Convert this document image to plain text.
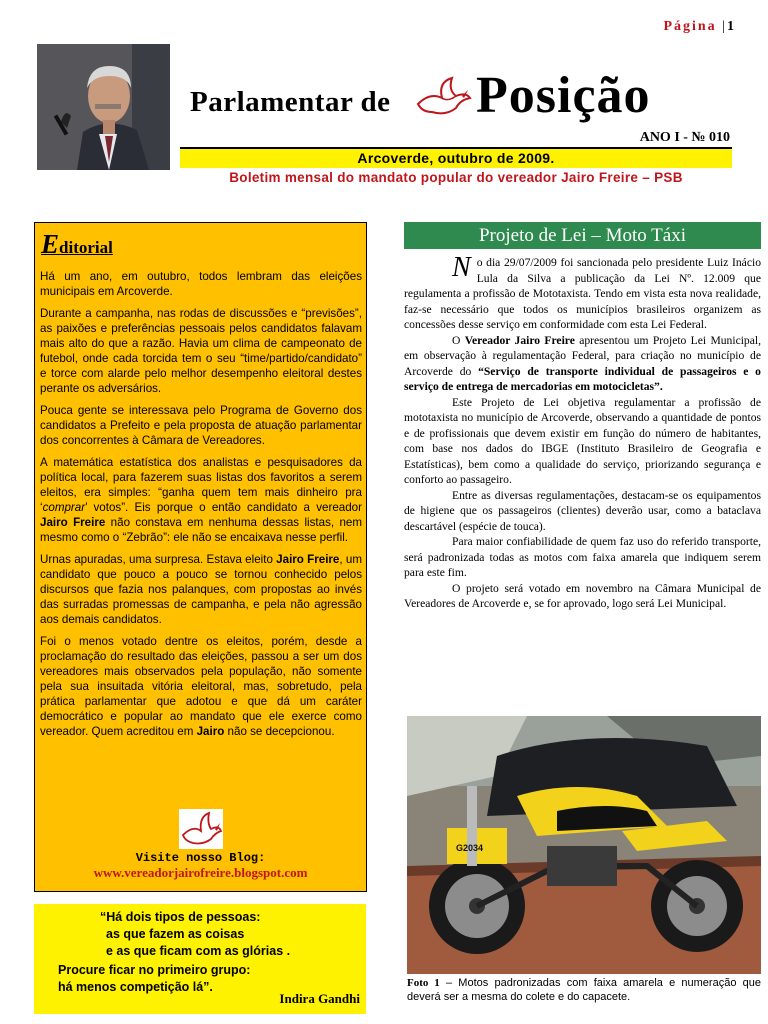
Página |1
Parlamentar de Posição
ANO I - № 010
Arcoverde, outubro de 2009.
Boletim mensal do mandato popular do vereador Jairo Freire – PSB
Editorial

Há um ano, em outubro, todos lembram das eleições municipais em Arcoverde.

Durante a campanha, nas rodas de discussões e “previsões”, as paixões e preferências pessoais pelos candidatos falavam mais alto do que a razão. Havia um clima de campeonato de futebol, onde cada torcida tem o seu “time/partido/candidato” e torce com alarde pelo melhor desempenho eleitoral destes perante os adversários.

Pouca gente se interessava pelo Programa de Governo dos candidatos a Prefeito e pela proposta de atuação parlamentar dos concorrentes à Câmara de Vereadores.

A matemática estatística dos analistas e pesquisadores da política local, para fazerem suas listas dos favoritos a serem eleitos, era simples: “ganha quem tem mais dinheiro pra ‘comprar’ votos”. Eis porque o então candidato a vereador Jairo Freire não constava em nenhuma dessas listas, nem mesmo como o “Zebrão”: ele não se encaixava nesse perfil.

Urnas apuradas, uma surpresa. Estava eleito Jairo Freire, um candidato que pouco a pouco se tornou conhecido pelos discursos que fazia nos palanques, com propostas ao invés das surradas promessas de campanha, e pela não agressão aos demais candidatos.

Foi o menos votado dentre os eleitos, porém, desde a proclamação do resultado das eleições, passou a ser um dos vereadores mais observados pela população, não somente pela sua insuitada vitória eleitoral, mas, sobretudo, pela prática parlamentar que adotou e que dá um caráter democrático e popular ao mandato que ele exerce como vereador. Quem acreditou em Jairo não se decepcionou.

Visite nosso Blog:
www.vereadorjairofreire.blogspot.com
“Há dois tipos de pessoas:
as que fazem as coisas
e as que ficam com as glórias .
Procure ficar no primeiro grupo:
há menos competição lá”.
Indira Gandhi
Projeto de Lei – Moto Táxi

No dia 29/07/2009 foi sancionada pelo presidente Luiz Inácio Lula da Silva a publicação da Lei Nº. 12.009 que regulamenta a profissão de Mototaxista. Tendo em vista esta nova realidade, faz-se necessário que todos os municípios brasileiros organizem as concessões desse serviço em conformidade com esta Lei Federal.

O Vereador Jairo Freire apresentou um Projeto Lei Municipal, em observação à regulamentação Federal, para criação no município de Arcoverde do “Serviço de transporte individual de passageiros e o serviço de entrega de mercadorias em motocicletas”.

Este Projeto de Lei objetiva regulamentar a profissão de mototaxista no município de Arcoverde, observando a quantidade de pontos e de profissionais que devem existir em função do número de habitantes, com base nos dados do IBGE (Instituto Brasileiro de Geografia e Estatísticas), bem como a qualidade do serviço, priorizando segurança e conforto ao passageiro.

Entre as diversas regulamentações, destacam-se os equipamentos de higiene que os passageiros (clientes) deverão usar, como a bataclava descartável (espécie de touca).

Para maior confiabilidade de quem faz uso do referido transporte, será padronizada todas as motos com faixa amarela que indiquem serem para este fim.

O projeto será votado em novembro na Câmara Municipal de Vereadores de Arcoverde e, se for aprovado, logo será Lei Municipal.

MOTO TÁXI
G2034
Foto 1 – Motos padronizadas com faixa amarela e numeração que deverá ser a mesma do colete e do capacete.
